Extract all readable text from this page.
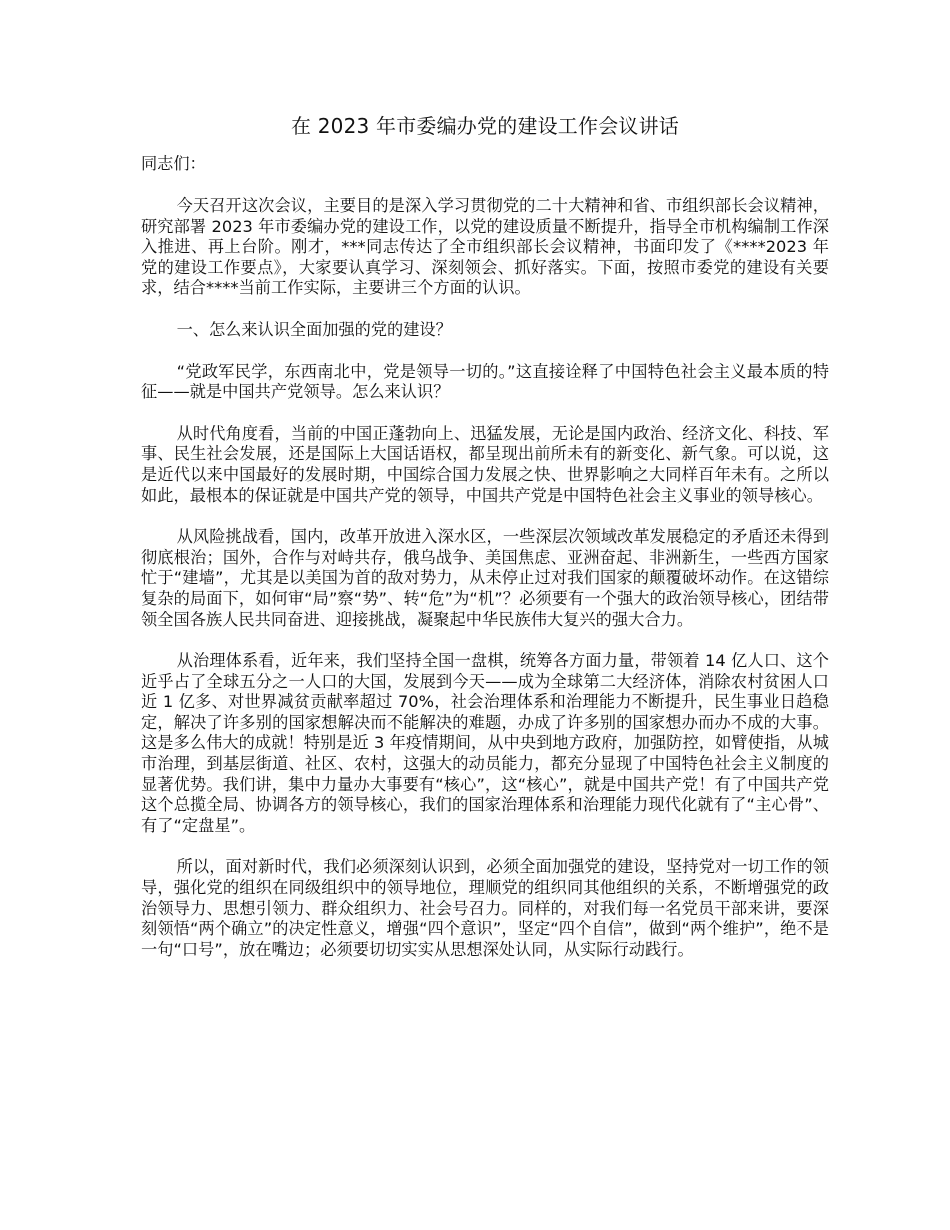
在 2023 年市委编办党的建设工作会议讲话
同志们：

今天召开这次会议，主要目的是深入学习贯彻党的二十大精神和省、市组织部长会议精神，研究部署 2023 年市委编办党的建设工作，以党的建设质量不断提升，指导全市机构编制工作深入推进、再上台阶。刚才，***同志传达了全市组织部长会议精神，书面印发了《****2023 年党的建设工作要点》，大家要认真学习、深刻领会、抓好落实。下面，按照市委党的建设有关要求，结合****当前工作实际，主要讲三个方面的认识。

一、怎么来认识全面加强的党的建设？

“党政军民学，东西南北中，党是领导一切的。”这直接诠释了中国特色社会主义最本质的特征——就是中国共产党领导。怎么来认识？

从时代角度看，当前的中国正蓬勃向上、迅猛发展，无论是国内政治、经济文化、科技、军事、民生社会发展，还是国际上大国话语权，都呈现出前所未有的新变化、新气象。可以说，这是近代以来中国最好的发展时期，中国综合国力发展之快、世界影响之大同样百年未有。之所以如此，最根本的保证就是中国共产党的领导，中国共产党是中国特色社会主义事业的领导核心。

从风险挑战看，国内，改革开放进入深水区，一些深层次领域改革发展稳定的矛盾还未得到彻底根治；国外，合作与对峙共存，俄乌战争、美国焦虑、亚洲奋起、非洲新生，一些西方国家忙于“建墙”，尤其是以美国为首的敌对势力，从未停止过对我们国家的颠覆破坏动作。在这错综复杂的局面下，如何审“局”察“势”、转“危”为“机”？必须要有一个强大的政治领导核心，团结带领全国各族人民共同奋进、迎接挑战，凝聚起中华民族伟大复兴的强大合力。

从治理体系看，近年来，我们坚持全国一盘棋，统筹各方面力量，带领着 14 亿人口、这个近乎占了全球五分之一人口的大国，发展到今天——成为全球第二大经济体，消除农村贫困人口近 1 亿多、对世界减贫贡献率超过 70%，社会治理体系和治理能力不断提升，民生事业日趋稳定，解决了许多别的国家想解决而不能解决的难题，办成了许多别的国家想办而办不成的大事。这是多么伟大的成就！特别是近 3 年疫情期间，从中央到地方政府，加强防控，如臂使指，从城市治理，到基层街道、社区、农村，这强大的动员能力，都充分显现了中国特色社会主义制度的显著优势。我们讲，集中力量办大事要有“核心”，这“核心”，就是中国共产党！有了中国共产党这个总揽全局、协调各方的领导核心，我们的国家治理体系和治理能力现代化就有了“主心骨”、有了“定盘星”。

所以，面对新时代，我们必须深刻认识到，必须全面加强党的建设，坚持党对一切工作的领导，强化党的组织在同级组织中的领导地位，理顺党的组织同其他组织的关系，不断增强党的政治领导力、思想引领力、群众组织力、社会号召力。同样的，对我们每一名党员干部来讲，要深刻领悟“两个确立”的决定性意义，增强“四个意识”，坚定“四个自信”，做到“两个维护”，绝不是一句“口号”，放在嘴边；必须要切切实实从思想深处认同，从实际行动践行。
